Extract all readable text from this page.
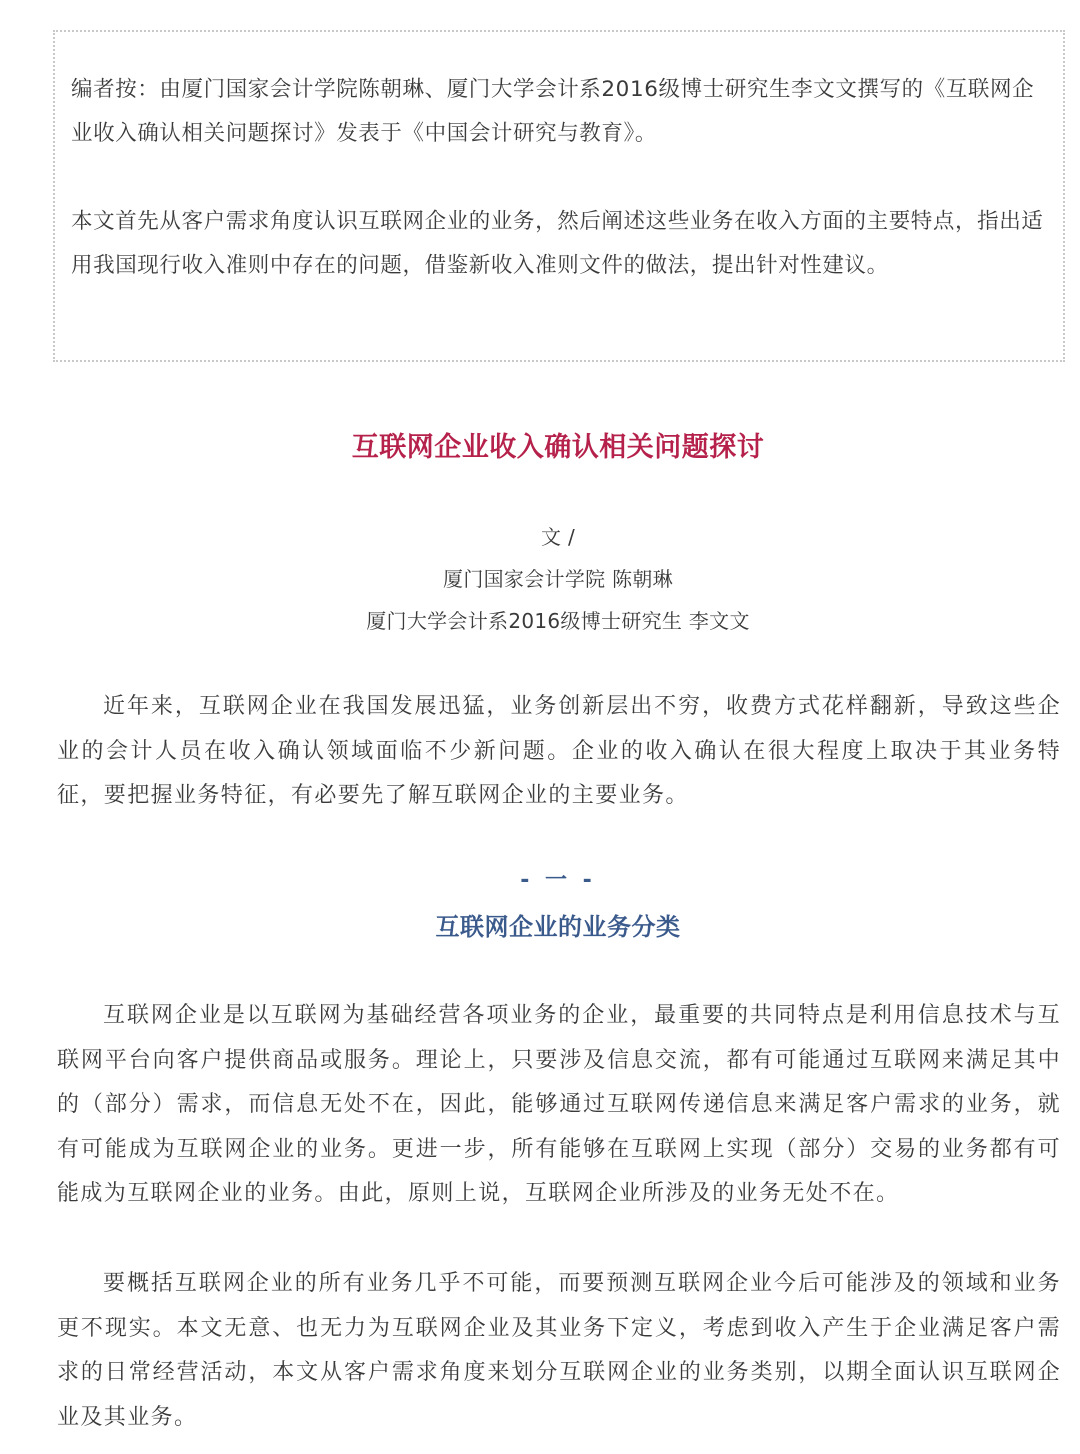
编者按：由厦门国家会计学院陈朝琳、厦门大学会计系2016级博士研究生李文文撰写的《互联网企业收入确认相关问题探讨》发表于《中国会计研究与教育》。

本文首先从客户需求角度认识互联网企业的业务，然后阐述这些业务在收入方面的主要特点，指出适用我国现行收入准则中存在的问题，借鉴新收入准则文件的做法，提出针对性建议。

互联网企业收入确认相关问题探讨
文 /
厦门国家会计学院 陈朝琳
厦门大学会计系2016级博士研究生 李文文

近年来，互联网企业在我国发展迅猛，业务创新层出不穷，收费方式花样翻新，导致这些企业的会计人员在收入确认领域面临不少新问题。企业的收入确认在很大程度上取决于其业务特征，要把握业务特征，有必要先了解互联网企业的主要业务。

- 一 -
互联网企业的业务分类

互联网企业是以互联网为基础经营各项业务的企业，最重要的共同特点是利用信息技术与互联网平台向客户提供商品或服务。理论上，只要涉及信息交流，都有可能通过互联网来满足其中的（部分）需求，而信息无处不在，因此，能够通过互联网传递信息来满足客户需求的业务，就有可能成为互联网企业的业务。更进一步，所有能够在互联网上实现（部分）交易的业务都有可能成为互联网企业的业务。由此，原则上说，互联网企业所涉及的业务无处不在。

要概括互联网企业的所有业务几乎不可能，而要预测互联网企业今后可能涉及的领域和业务更不现实。本文无意、也无力为互联网企业及其业务下定义，考虑到收入产生于企业满足客户需求的日常经营活动，本文从客户需求角度来划分互联网企业的业务类别，以期全面认识互联网企业及其业务。
